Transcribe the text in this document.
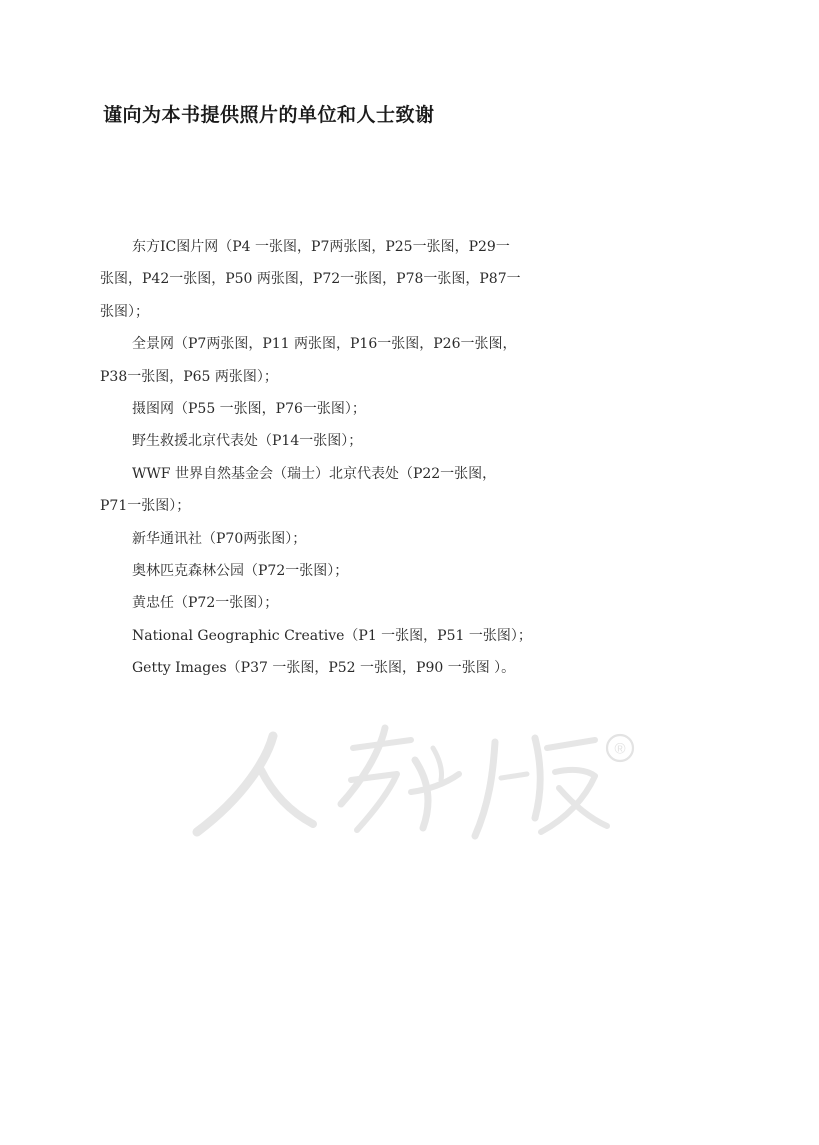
谨向为本书提供照片的单位和人士致谢

东方IC图片网（P4 一张图，P7两张图，P25一张图，P29一

张图，P42一张图，P50 两张图，P72一张图，P78一张图，P87一

张图）；

全景网（P7两张图，P11 两张图，P16一张图，P26一张图，

P38一张图，P65 两张图）；

摄图网（P55 一张图，P76一张图）；

野生救援北京代表处（P14一张图）；

WWF 世界自然基金会（瑞士）北京代表处（P22一张图，

P71一张图）；

新华通讯社（P70两张图）；

奥林匹克森林公园（P72一张图）；

黄忠任（P72一张图）；

National Geographic Creative（P1 一张图，P51 一张图）；

Getty Images（P37 一张图，P52 一张图，P90 一张图 ）。

®
